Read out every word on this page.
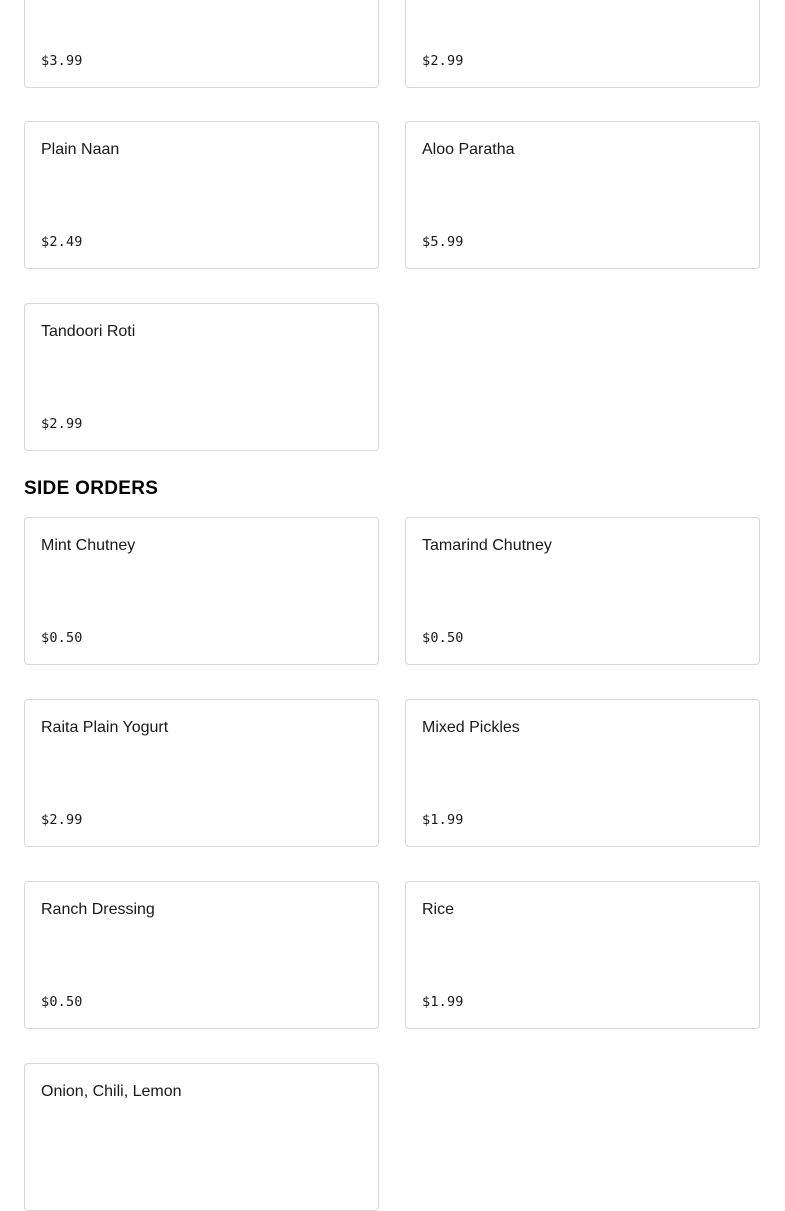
$3.99	$2.99
Plain Naan
$2.49
Aloo Paratha
$5.99
Tandoori Roti
$2.99
SIDE ORDERS
Mint Chutney
$0.50
Tamarind Chutney
$0.50
Raita Plain Yogurt
$2.99
Mixed Pickles
$1.99
Ranch Dressing
$0.50
Rice
$1.99
Onion, Chili, Lemon
